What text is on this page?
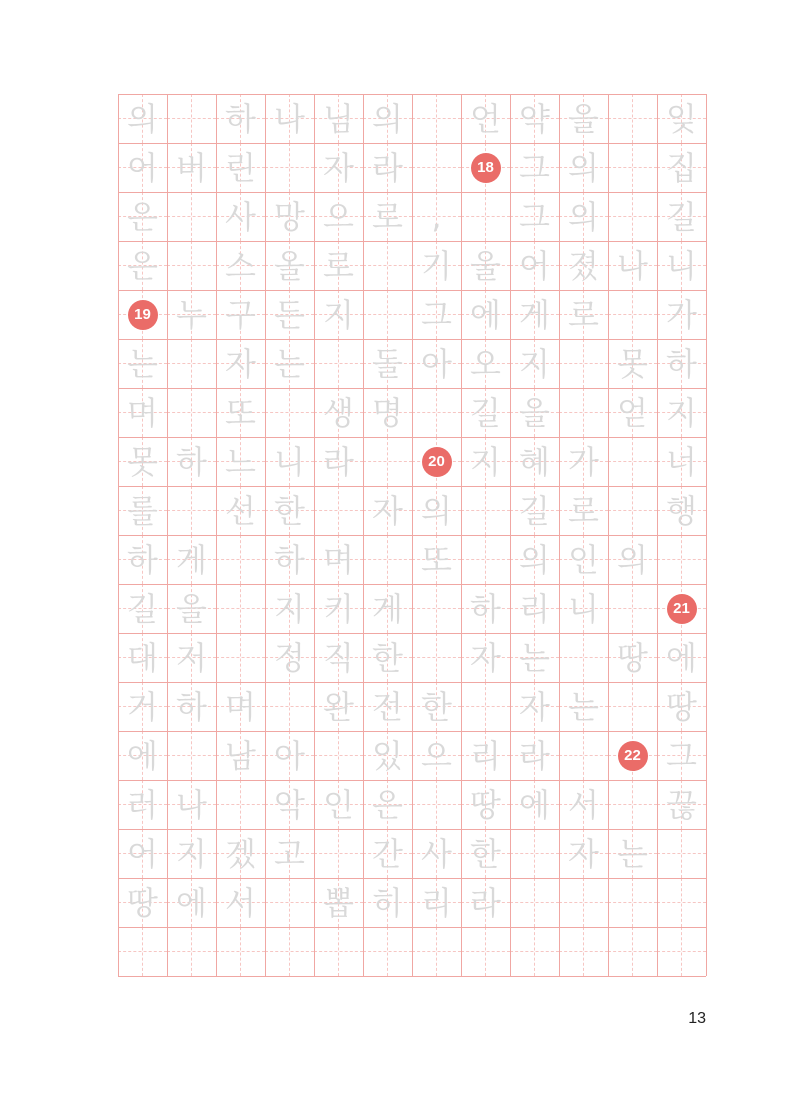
의 하 나 님 의 언 약 을 잊
어 버 린 자 라	18 그 의 집
은 사 망 으 로 , 그 의 길
은 스 올 로 기 울 어 졌 나 니
19 누 구 든 지 그 에 게 로 가
는 자 는 돌 아 오 지 못 하
며 또 생 명 길 을 얻 지
못 하 느 니 라	20 지 혜 가 너
를 선 한 자 의 길 로 행
하 게 하 며 또 의 인 의
길 을 지 키 게 하 리 니	21
대 저 정 직 한 자 는 땅 에
거 하 며 완 전 한 자 는 땅
에 남 아 있 으 리 라	22 그
러 나 악 인 은 땅 에 서 끊
어 지 겠 고 간 사 한 자 는
땅 에 서 뽑 히 리 라
13
